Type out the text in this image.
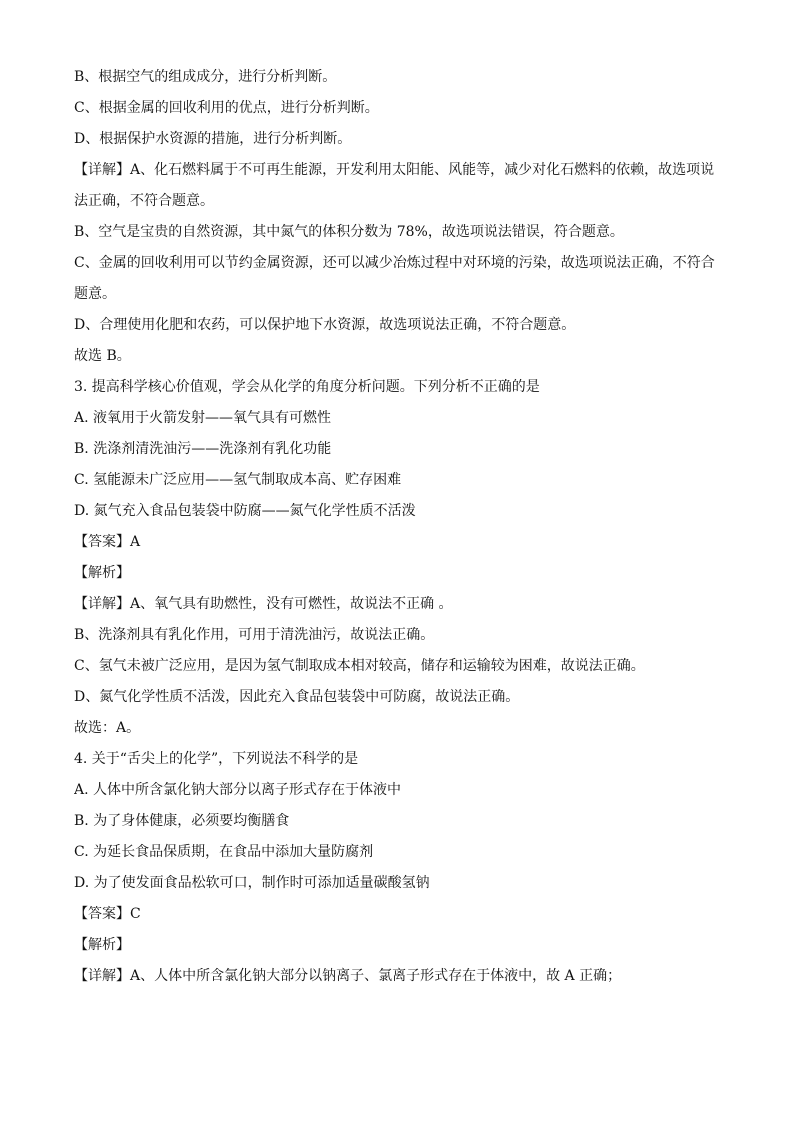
B、根据空气的组成成分，进行分析判断。
C、根据金属的回收利用的优点，进行分析判断。
D、根据保护水资源的措施，进行分析判断。
【详解】A、化石燃料属于不可再生能源，开发利用太阳能、风能等，减少对化石燃料的依赖，故选项说
法正确，不符合题意。
B、空气是宝贵的自然资源，其中氮气的体积分数为 78%，故选项说法错误，符合题意。
C、金属的回收利用可以节约金属资源，还可以减少冶炼过程中对环境的污染，故选项说法正确，不符合
题意。
D、合理使用化肥和农药，可以保护地下水资源，故选项说法正确，不符合题意。
故选 B。
3. 提高科学核心价值观，学会从化学的角度分析问题。下列分析不正确的是
A. 液氧用于火箭发射——氧气具有可燃性
B. 洗涤剂清洗油污——洗涤剂有乳化功能
C. 氢能源未广泛应用——氢气制取成本高、贮存困难
D. 氮气充入食品包装袋中防腐——氮气化学性质不活泼
【答案】A
【解析】
【详解】A、氧气具有助燃性，没有可燃性，故说法不正确 。
B、洗涤剂具有乳化作用，可用于清洗油污，故说法正确。
C、氢气未被广泛应用，是因为氢气制取成本相对较高，储存和运输较为困难，故说法正确。
D、氮气化学性质不活泼，因此充入食品包装袋中可防腐，故说法正确。
故选：A。
4. 关于“舌尖上的化学”，下列说法不科学的是
A. 人体中所含氯化钠大部分以离子形式存在于体液中
B. 为了身体健康，必须要均衡膳食
C. 为延长食品保质期，在食品中添加大量防腐剂
D. 为了使发面食品松软可口，制作时可添加适量碳酸氢钠
【答案】C
【解析】
【详解】A、人体中所含氯化钠大部分以钠离子、氯离子形式存在于体液中，故 A 正确；
